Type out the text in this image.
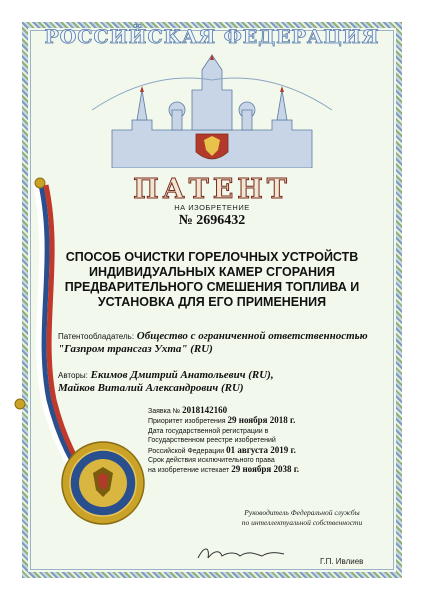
РОССИЙСКАЯ ФЕДЕРАЦИЯ
ПАТЕНТ
НА ИЗОБРЕТЕНИЕ
№ 2696432
СПОСОБ ОЧИСТКИ ГОРЕЛОЧНЫХ УСТРОЙСТВ
ИНДИВИДУАЛЬНЫХ КАМЕР СГОРАНИЯ
ПРЕДВАРИТЕЛЬНОГО СМЕШЕНИЯ ТОПЛИВА И
УСТАНОВКА ДЛЯ ЕГО ПРИМЕНЕНИЯ
Патентообладатель: Общество с ограниченной ответственностью
"Газпром трансгаз Ухта" (RU)
Авторы: Екимов Дмитрий Анатольевич (RU),
Майков Виталий Александрович (RU)
Заявка № 2018142160
Приоритет изобретения 29 ноября 2018 г.
Дата государственной регистрации в
Государственном реестре изобретений
Российской Федерации 01 августа 2019 г.
Срок действия исключительного права
на изобретение истекает 29 ноября 2038 г.
Руководитель Федеральной службы
по интеллектуальной собственности
Г.П. Ивлиев
